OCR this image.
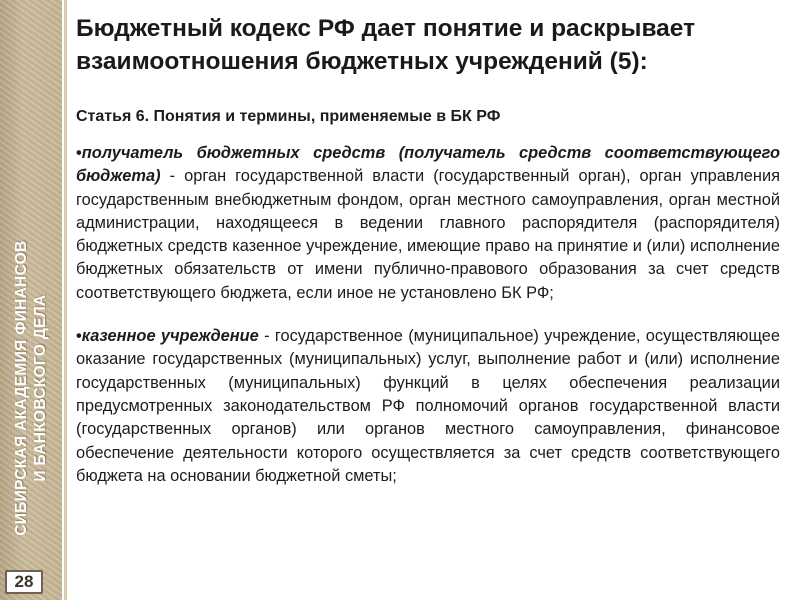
СИБИРСКАЯ АКАДЕМИЯ ФИНАНСОВ И БАНКОВСКОГО ДЕЛА
28
Бюджетный кодекс РФ дает понятие и раскрывает взаимоотношения бюджетных учреждений (5):

Статья 6. Понятия и термины, применяемые в БК РФ

•получатель бюджетных средств (получатель средств соответствующего бюджета) - орган государственной власти (государственный орган), орган управления государственным внебюджетным фондом, орган местного самоуправления, орган местной администрации, находящееся в ведении главного распорядителя (распорядителя) бюджетных средств казенное учреждение, имеющие право на принятие и (или) исполнение бюджетных обязательств от имени публично-правового образования за счет средств соответствующего бюджета, если иное не установлено БК РФ;

•казенное учреждение - государственное (муниципальное) учреждение, осуществляющее оказание государственных (муниципальных) услуг, выполнение работ и (или) исполнение государственных (муниципальных) функций в целях обеспечения реализации предусмотренных законодательством РФ полномочий органов государственной власти (государственных органов) или органов местного самоуправления, финансовое обеспечение деятельности которого осуществляется за счет средств соответствующего бюджета на основании бюджетной сметы;
